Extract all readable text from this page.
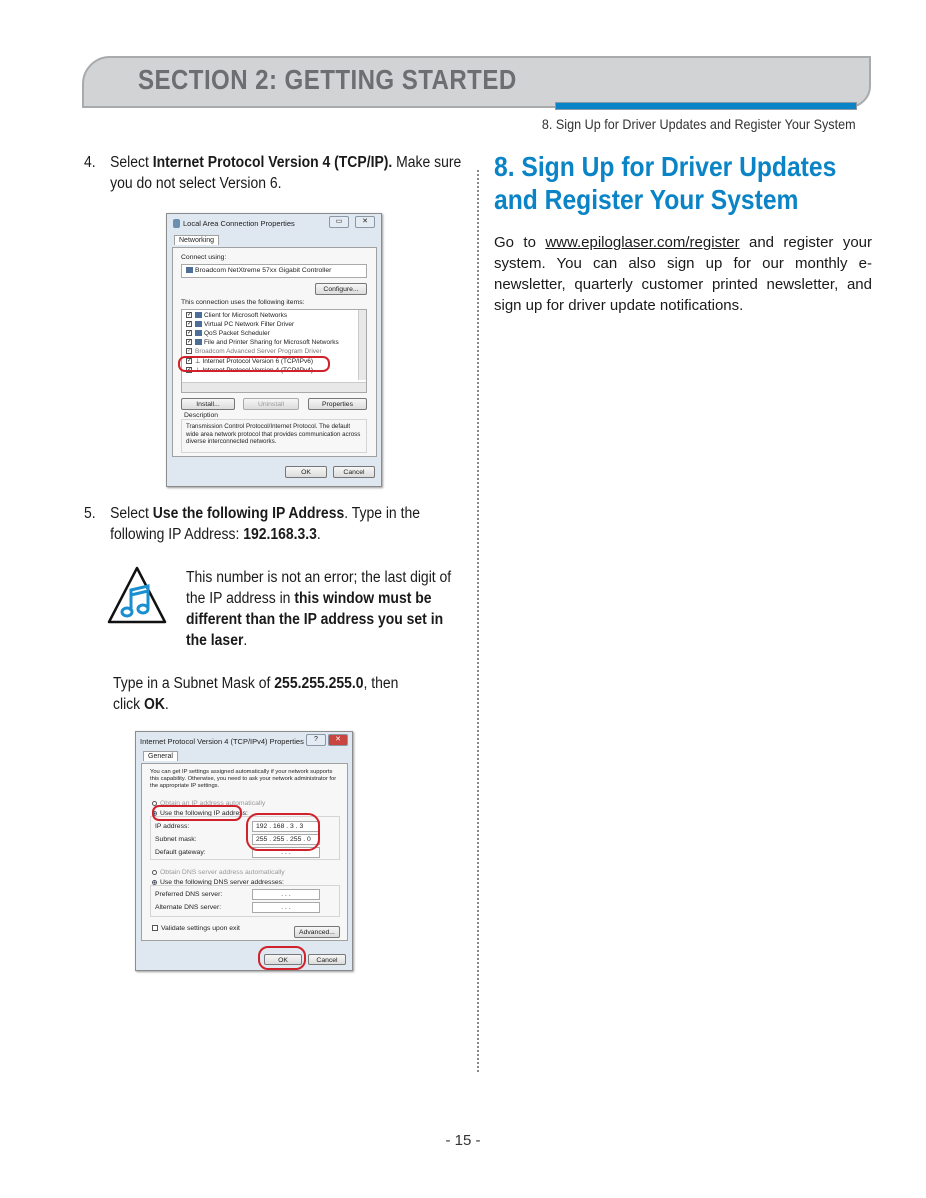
SECTION 2: GETTING STARTED
8. Sign Up for Driver Updates and Register Your System
4. Select Internet Protocol Version 4 (TCP/IP). Make sure you do not select Version 6.
Local Area Connection Properties	▭	✕
Networking
Connect using:
Broadcom NetXtreme 57xx Gigabit Controller
Configure...
This connection uses the following items:
✓ Client for Microsoft Networks
✓ Virtual PC Network Filter Driver
✓ QoS Packet Scheduler
✓ File and Printer Sharing for Microsoft Networks
✓ Broadcom Advanced Server Program Driver
✓ ⊥ Internet Protocol Version 6 (TCP/IPv6)
✓ ⊥ Internet Protocol Version 4 (TCP/IPv4)
Install...	Uninstall	Properties
Description
Transmission Control Protocol/Internet Protocol. The default wide area network protocol that provides communication across diverse interconnected networks.
OK	Cancel
5. Select Use the following IP Address. Type in the following IP Address: 192.168.3.3.
This number is not an error; the last digit of the IP address in this window must be different than the IP address you set in the laser.
Type in a Subnet Mask of 255.255.255.0, then click OK.
Internet Protocol Version 4 (TCP/IPv4) Properties	?	✕
General
You can get IP settings assigned automatically if your network supports this capability. Otherwise, you need to ask your network administrator for the appropriate IP settings.
Obtain an IP address automatically
Use the following IP address:
IP address:	192 . 168 . 3 . 3
Subnet mask:	255 . 255 . 255 . 0
Default gateway:	. . .
Obtain DNS server address automatically
Use the following DNS server addresses:
Preferred DNS server:	. . .
Alternate DNS server:	. . .
Validate settings upon exit
Advanced...
OK	Cancel
8. Sign Up for Driver Updates and Register Your System
Go to www.epiloglaser.com/register and register your system. You can also sign up for our monthly e-newsletter, quarterly customer printed newsletter, and sign up for driver update notifications.
- 15 -
